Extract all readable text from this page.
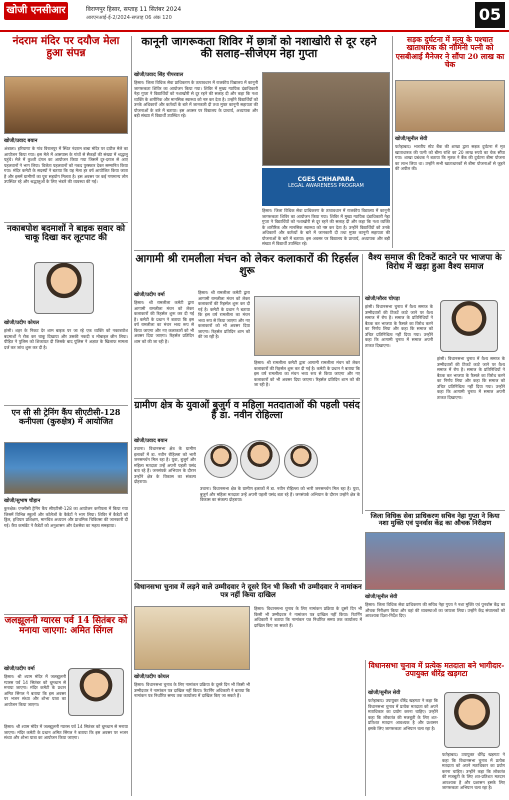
खोजी एनसीआर	विराणपुर हिसार, सप्ताह 11 सितंबर 2024
आरएनआई-ई-2/2024-सप्ताह 06 अंक 120	05
नंदराम मंदिर पर दयौज मेला हुआ संपन्न
खोजी/प्रवाद बयान
अंबाला। हरियाणा के गांव विरालपुर में स्थित नंदराम बाबा मंदिर पर दयौज मेले का आयोजन किया गया। इस मेले में आसपास के गांवों से सैकड़ों की संख्या में श्रद्धालु पहुंचे। मेले में कुश्ती दंगल का आयोजन किया गया जिसमें दूर-दराज से आए पहलवानों ने भाग लिया। विजेता पहलवानों को नकद पुरस्कार देकर सम्मानित किया गया। मंदिर कमेटी के सदस्यों ने बताया कि यह मेला हर वर्ष आयोजित किया जाता है और इसमें ग्रामीणों का पूरा सहयोग मिलता है। इस अवसर पर कई गणमान्य लोग उपस्थित रहे और श्रद्धालुओं के लिए भंडारे की व्यवस्था की गई।
नकाबपोश बदमाशों ने बाइक सवार को चाकू दिखा कर लूटपाट की
खोजी/प्रदीप कोयल
हांसी। शहर के निकट देर शाम बाइक पर जा रहे एक व्यक्ति को नकाबपोश बदमाशों ने रोक कर चाकू दिखाया और उसकी नकदी व मोबाइल छीन लिया। पीड़ित ने पुलिस को शिकायत दी जिसके बाद पुलिस ने अज्ञात के खिलाफ मामला दर्ज कर जांच शुरू कर दी है।
एन सी सी ट्रेनिंग कैंप सीएटीसी-128 कनीपला (कुरुक्षेत्र) में आयोजित
खोजी/सुभाष चौहान
कुरुक्षेत्र। एनसीसी ट्रेनिंग कैंप सीएटीसी-128 का आयोजन कनीपला में किया गया जिसमें विभिन्न स्कूलों और कॉलेजों के कैडेटों ने भाग लिया। शिविर में कैडेटों को ड्रिल, हथियार प्रशिक्षण, मानचित्र अध्ययन और प्राथमिक चिकित्सा की जानकारी दी गई। कैंप कमांडेंट ने कैडेटों को अनुशासन और देशसेवा का महत्व समझाया।
जलझूलनी ग्यारस पर्व 14 सितंबर को मनाया जाएगा: अमित सिंगल
खोजी/प्रदीप वर्मा
हिसार। श्री श्याम मंदिर में जलझूलनी ग्यारस पर्व 14 सितंबर को धूमधाम से मनाया जाएगा। मंदिर कमेटी के प्रधान अमित सिंगल ने बताया कि इस अवसर पर भजन संध्या और शोभा यात्रा का आयोजन किया जाएगा।
हिसार। श्री श्याम मंदिर में जलझूलनी ग्यारस पर्व 14 सितंबर को धूमधाम से मनाया जाएगा। मंदिर कमेटी के प्रधान अमित सिंगल ने बताया कि इस अवसर पर भजन संध्या और शोभा यात्रा का आयोजन किया जाएगा।
कानूनी जागरूकता शिविर में छात्रों को नशाखोरी से दूर रहने की सलाह–सीजेएम नेहा गुप्ता
खोजी/प्रवाद सिंह पीपरवाल
हिसार। जिला विधिक सेवा प्राधिकरण के तत्वावधान में राजकीय विद्यालय में कानूनी जागरूकता शिविर का आयोजन किया गया। शिविर में मुख्य न्यायिक दंडाधिकारी नेहा गुप्ता ने विद्यार्थियों को नशाखोरी से दूर रहने की सलाह दी और कहा कि नशा व्यक्ति के शारीरिक और मानसिक स्वास्थ्य को नष्ट कर देता है। उन्होंने विद्यार्थियों को उनके अधिकारों और कर्तव्यों के बारे में जानकारी दी तथा मुफ्त कानूनी सहायता की योजनाओं के बारे में बताया। इस अवसर पर विद्यालय के प्राचार्य, अध्यापक और बड़ी संख्या में विद्यार्थी उपस्थित रहे।
CGES CHHAPARA
LEGAL AWARENESS PROGRAM
हिसार। जिला विधिक सेवा प्राधिकरण के तत्वावधान में राजकीय विद्यालय में कानूनी जागरूकता शिविर का आयोजन किया गया। शिविर में मुख्य न्यायिक दंडाधिकारी नेहा गुप्ता ने विद्यार्थियों को नशाखोरी से दूर रहने की सलाह दी और कहा कि नशा व्यक्ति के शारीरिक और मानसिक स्वास्थ्य को नष्ट कर देता है। उन्होंने विद्यार्थियों को उनके अधिकारों और कर्तव्यों के बारे में जानकारी दी तथा मुफ्त कानूनी सहायता की योजनाओं के बारे में बताया। इस अवसर पर विद्यालय के प्राचार्य, अध्यापक और बड़ी संख्या में विद्यार्थी उपस्थित रहे।
सड़क दुर्घटना में मृत्यु के पश्चात खाताधारक की नॉमिनी पत्नी को एसबीआई मैनेजर ने सौंपा 20 लाख का चेक
खोजी/सुनील सेवी
फतेहाबाद। भारतीय स्टेट बैंक की शाखा द्वारा सड़क दुर्घटना में मृत खाताधारक की पत्नी को बीमा राशि का 20 लाख रुपये का चेक सौंपा गया। शाखा प्रबंधक ने बताया कि मृतक ने बैंक की दुर्घटना बीमा योजना का लाभ लिया था। उन्होंने सभी खाताधारकों से बीमा योजनाओं से जुड़ने की अपील की।
आगामी श्री रामलीला मंचन को लेकर कलाकारों की रिहर्सल शुरू
खोजी/प्रदीप वर्मा
हिसार। श्री रामलीला कमेटी द्वारा आगामी रामलीला मंचन को लेकर कलाकारों की रिहर्सल शुरू कर दी गई है। कमेटी के प्रधान ने बताया कि इस वर्ष रामलीला का मंचन भव्य रूप से किया जाएगा और नए कलाकारों को भी अवसर दिया जाएगा। रिहर्सल प्रतिदिन शाम को की जा रही है।
हिसार। श्री रामलीला कमेटी द्वारा आगामी रामलीला मंचन को लेकर कलाकारों की रिहर्सल शुरू कर दी गई है। कमेटी के प्रधान ने बताया कि इस वर्ष रामलीला का मंचन भव्य रूप से किया जाएगा और नए कलाकारों को भी अवसर दिया जाएगा। रिहर्सल प्रतिदिन शाम को की जा रही है।
हिसार। श्री रामलीला कमेटी द्वारा आगामी रामलीला मंचन को लेकर कलाकारों की रिहर्सल शुरू कर दी गई है। कमेटी के प्रधान ने बताया कि इस वर्ष रामलीला का मंचन भव्य रूप से किया जाएगा और नए कलाकारों को भी अवसर दिया जाएगा। रिहर्सल प्रतिदिन शाम को की जा रही है।
वैश्य समाज की टिकटें काटने पर भाजपा के विरोध में खड़ा हुआ वैश्य समाज
खोजी/सौरव चोपड़ा
हांसी। विधानसभा चुनाव में वैश्य समाज के उम्मीदवारों की टिकटें काटे जाने पर वैश्य समाज में रोष है। समाज के प्रतिनिधियों ने बैठक कर भाजपा के फैसले का विरोध करने का निर्णय लिया और कहा कि समाज को उचित प्रतिनिधित्व नहीं दिया गया। उन्होंने कहा कि आगामी चुनाव में समाज अपनी ताकत दिखाएगा।
हांसी। विधानसभा चुनाव में वैश्य समाज के उम्मीदवारों की टिकटें काटे जाने पर वैश्य समाज में रोष है। समाज के प्रतिनिधियों ने बैठक कर भाजपा के फैसले का विरोध करने का निर्णय लिया और कहा कि समाज को उचित प्रतिनिधित्व नहीं दिया गया। उन्होंने कहा कि आगामी चुनाव में समाज अपनी ताकत दिखाएगा।
ग्रामीण क्षेत्र के युवाओं बुजुर्ग व महिला मतदाताओं की पहली पसंद है डा. नवीन रोहिल्ला
खोजी/प्रवाद बयान
उचाना। विधानसभा क्षेत्र के ग्रामीण इलाकों में डा. नवीन रोहिल्ला को भारी जनसमर्थन मिल रहा है। युवा, बुजुर्ग और महिला मतदाता उन्हें अपनी पहली पसंद बता रहे हैं। जनसंपर्क अभियान के दौरान उन्होंने क्षेत्र के विकास का संकल्प दोहराया।
उचाना। विधानसभा क्षेत्र के ग्रामीण इलाकों में डा. नवीन रोहिल्ला को भारी जनसमर्थन मिल रहा है। युवा, बुजुर्ग और महिला मतदाता उन्हें अपनी पहली पसंद बता रहे हैं। जनसंपर्क अभियान के दौरान उन्होंने क्षेत्र के विकास का संकल्प दोहराया।
जिला विधिक सेवा प्राधिकरण सचिव नेहा गुप्ता ने किया नशा मुक्ति एवं पुनर्वास केंद्र का औचक निरीक्षण
खोजी/सुनील सेवी
हिसार। जिला विधिक सेवा प्राधिकरण की सचिव नेहा गुप्ता ने नशा मुक्ति एवं पुनर्वास केंद्र का औचक निरीक्षण किया और वहां की व्यवस्थाओं का जायजा लिया। उन्होंने केंद्र संचालकों को आवश्यक दिशा-निर्देश दिए।
विधानसभा चुनाव में लड़ने वाले उम्मीदवार ने दूसरे दिन भी किसी भी उम्मीदवार ने नामांकन पत्र नहीं किया दाखिल
खोजी/प्रदीप कोयल
हिसार। विधानसभा चुनाव के लिए नामांकन प्रक्रिया के दूसरे दिन भी किसी भी उम्मीदवार ने नामांकन पत्र दाखिल नहीं किया। रिटर्निंग अधिकारी ने बताया कि नामांकन पत्र निर्धारित समय तक कार्यालय में दाखिल किए जा सकते हैं।
हिसार। विधानसभा चुनाव के लिए नामांकन प्रक्रिया के दूसरे दिन भी किसी भी उम्मीदवार ने नामांकन पत्र दाखिल नहीं किया। रिटर्निंग अधिकारी ने बताया कि नामांकन पत्र निर्धारित समय तक कार्यालय में दाखिल किए जा सकते हैं।
विधानसभा चुनाव में प्रत्येक मतदाता बने भागीदार- उपायुक्त धीरेंद्र खड़गटा
खोजी/सुनील सेवी
फतेहाबाद। उपायुक्त धीरेंद्र खड़गटा ने कहा कि विधानसभा चुनाव में प्रत्येक मतदाता को अपने मताधिकार का प्रयोग करना चाहिए। उन्होंने कहा कि लोकतंत्र की मजबूती के लिए शत-प्रतिशत मतदान आवश्यक है और प्रशासन इसके लिए जागरूकता अभियान चला रहा है।
फतेहाबाद। उपायुक्त धीरेंद्र खड़गटा ने कहा कि विधानसभा चुनाव में प्रत्येक मतदाता को अपने मताधिकार का प्रयोग करना चाहिए। उन्होंने कहा कि लोकतंत्र की मजबूती के लिए शत-प्रतिशत मतदान आवश्यक है और प्रशासन इसके लिए जागरूकता अभियान चला रहा है।
